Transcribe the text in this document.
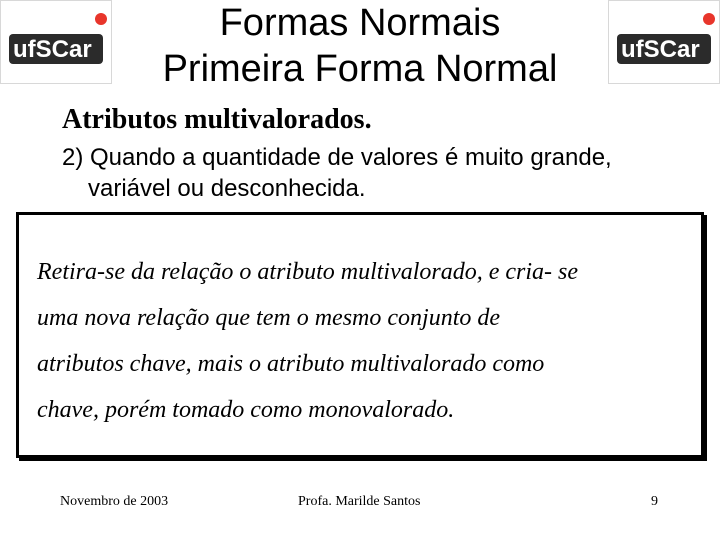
ufSCar	ufSCar
Formas Normais
Primeira Forma Normal
Atributos multivalorados.
2) Quando a quantidade de valores é muito grande,
variável ou desconhecida.
Retira-se da relação o atributo multivalorado, e cria- se
uma nova relação que tem o mesmo conjunto de
atributos chave, mais o atributo multivalorado como
chave, porém tomado como monovalorado.
Novembro de 2003	Profa. Marilde Santos	9
